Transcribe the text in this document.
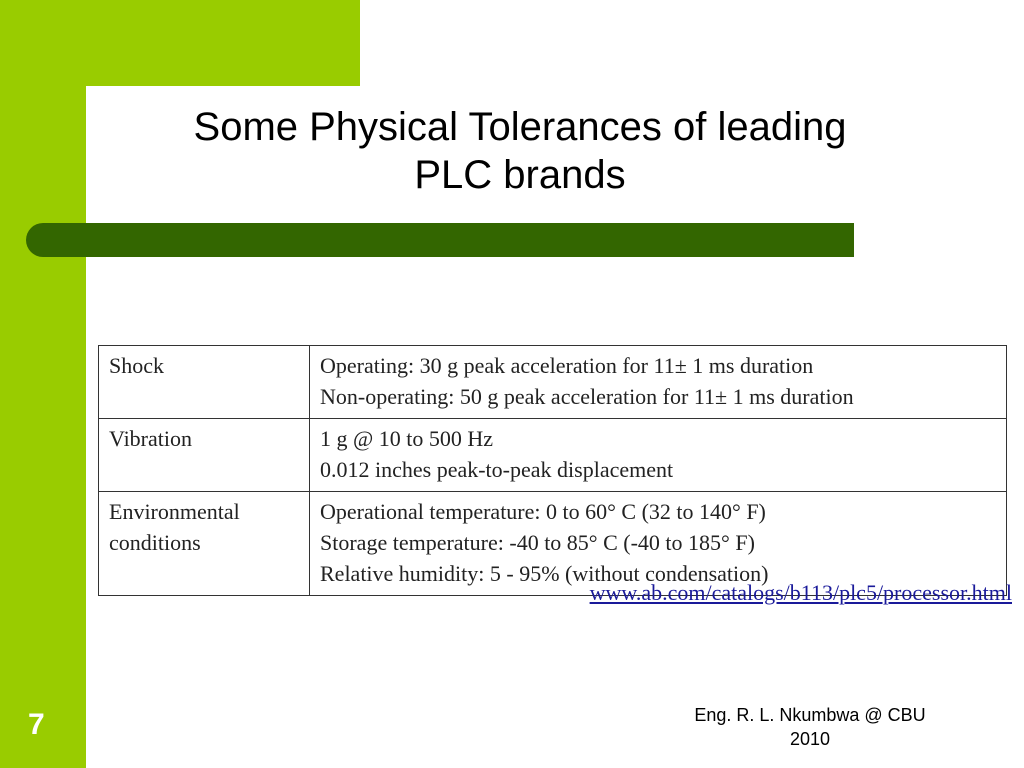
Some Physical Tolerances of leading
PLC brands
Shock	Operating: 30 g peak acceleration for 11± 1 ms duration
Non-operating: 50 g peak acceleration for 11± 1 ms duration

Vibration	1 g @ 10 to 500 Hz
0.012 inches peak-to-peak displacement

Environmental
conditions	Operational temperature: 0 to 60° C (32 to 140° F)
Storage temperature: -40 to 85° C (-40 to 185° F)
Relative humidity: 5 - 95% (without condensation)
www.ab.com/catalogs/b113/plc5/processor.html
7	Eng. R. L. Nkumbwa @ CBU
2010
